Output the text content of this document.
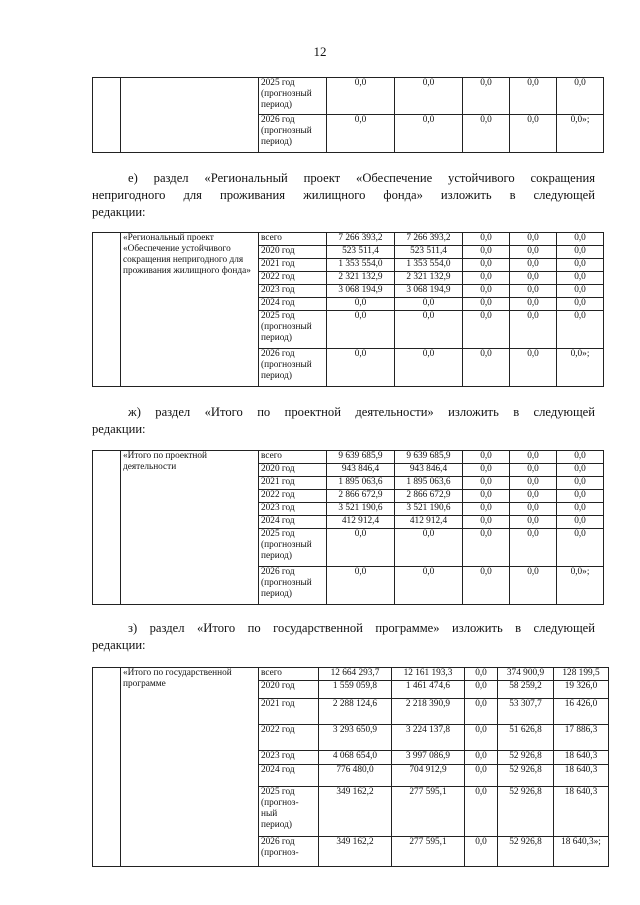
12
		2025 год (прогнозный период)	0,0	0,0	0,0	0,0	0,0
		2026 год (прогнозный период)	0,0	0,0	0,0	0,0	0,0»;
е) раздел «Региональный проект «Обеспечение устойчивого сокращения
непригодного для проживания жилищного фонда» изложить в следующей
редакции:
	«Региональный проект «Обеспечение устойчивого сокращения непригодного для проживания жилищного фонда»	всего	7 266 393,2	7 266 393,2	0,0	0,0	0,0
		2020 год	523 511,4	523 511,4	0,0	0,0	0,0
		2021 год	1 353 554,0	1 353 554,0	0,0	0,0	0,0
		2022 год	2 321 132,9	2 321 132,9	0,0	0,0	0,0
		2023 год	3 068 194,9	3 068 194,9	0,0	0,0	0,0
		2024 год	0,0	0,0	0,0	0,0	0,0
		2025 год (прогнозный период)	0,0	0,0	0,0	0,0	0,0
		2026 год (прогнозный период)	0,0	0,0	0,0	0,0	0,0»;
ж) раздел «Итого по проектной деятельности» изложить в следующей
редакции:
	«Итого по проектной деятельности	всего	9 639 685,9	9 639 685,9	0,0	0,0	0,0
		2020 год	943 846,4	943 846,4	0,0	0,0	0,0
		2021 год	1 895 063,6	1 895 063,6	0,0	0,0	0,0
		2022 год	2 866 672,9	2 866 672,9	0,0	0,0	0,0
		2023 год	3 521 190,6	3 521 190,6	0,0	0,0	0,0
		2024 год	412 912,4	412 912,4	0,0	0,0	0,0
		2025 год (прогнозный период)	0,0	0,0	0,0	0,0	0,0
		2026 год (прогнозный период)	0,0	0,0	0,0	0,0	0,0»;
з) раздел «Итого по государственной программе» изложить в следующей
редакции:
	«Итого по государственной программе	всего	12 664 293,7	12 161 193,3	0,0	374 900,9	128 199,5
		2020 год	1 559 059,8	1 461 474,6	0,0	58 259,2	19 326,0
		2021 год	2 288 124,6	2 218 390,9	0,0	53 307,7	16 426,0
		2022 год	3 293 650,9	3 224 137,8	0,0	51 626,8	17 886,3
		2023 год	4 068 654,0	3 997 086,9	0,0	52 926,8	18 640,3
		2024 год	776 480,0	704 912,9	0,0	52 926,8	18 640,3
		2025 год (прогноз-ный период)	349 162,2	277 595,1	0,0	52 926,8	18 640,3
		2026 год (прогноз-	349 162,2	277 595,1	0,0	52 926,8	18 640,3»;
